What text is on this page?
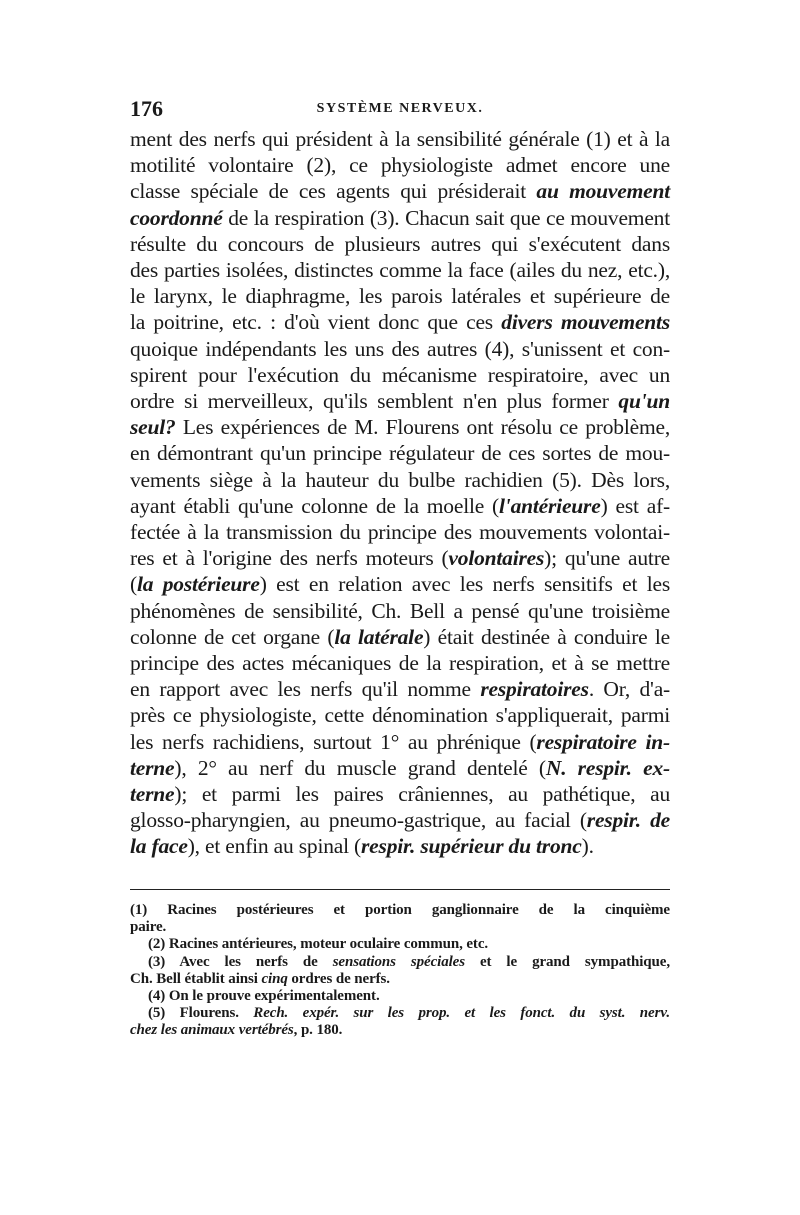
176	SYSTÈME NERVEUX.
ment des nerfs qui président à la sensibilité générale (1) et à la
motilité volontaire (2), ce physiologiste admet encore une
classe spéciale de ces agents qui présiderait au mouvement
coordonné de la respiration (3). Chacun sait que ce mouvement
résulte du concours de plusieurs autres qui s'exécutent dans
des parties isolées, distinctes comme la face (ailes du nez, etc.),
le larynx, le diaphragme, les parois latérales et supérieure de
la poitrine, etc. : d'où vient donc que ces divers mouvements
quoique indépendants les uns des autres (4), s'unissent et con-
spirent pour l'exécution du mécanisme respiratoire, avec un
ordre si merveilleux, qu'ils semblent n'en plus former qu'un
seul? Les expériences de M. Flourens ont résolu ce problème,
en démontrant qu'un principe régulateur de ces sortes de mou-
vements siège à la hauteur du bulbe rachidien (5). Dès lors,
ayant établi qu'une colonne de la moelle (l'antérieure) est af-
fectée à la transmission du principe des mouvements volontai-
res et à l'origine des nerfs moteurs (volontaires); qu'une autre
(la postérieure) est en relation avec les nerfs sensitifs et les
phénomènes de sensibilité, Ch. Bell a pensé qu'une troisième
colonne de cet organe (la latérale) était destinée à conduire le
principe des actes mécaniques de la respiration, et à se mettre
en rapport avec les nerfs qu'il nomme respiratoires. Or, d'a-
près ce physiologiste, cette dénomination s'appliquerait, parmi
les nerfs rachidiens, surtout 1° au phrénique (respiratoire in-
terne), 2° au nerf du muscle grand dentelé (N. respir. ex-
terne); et parmi les paires crâniennes, au pathétique, au
glosso-pharyngien, au pneumo-gastrique, au facial (respir. de
la face), et enfin au spinal (respir. supérieur du tronc).
(1) Racines postérieures et portion ganglionnaire de la cinquième
paire.
(2) Racines antérieures, moteur oculaire commun, etc.
(3) Avec les nerfs de sensations spéciales et le grand sympathique,
Ch. Bell établit ainsi cinq ordres de nerfs.
(4) On le prouve expérimentalement.
(5) Flourens. Rech. expér. sur les prop. et les fonct. du syst. nerv.
chez les animaux vertébrés, p. 180.
